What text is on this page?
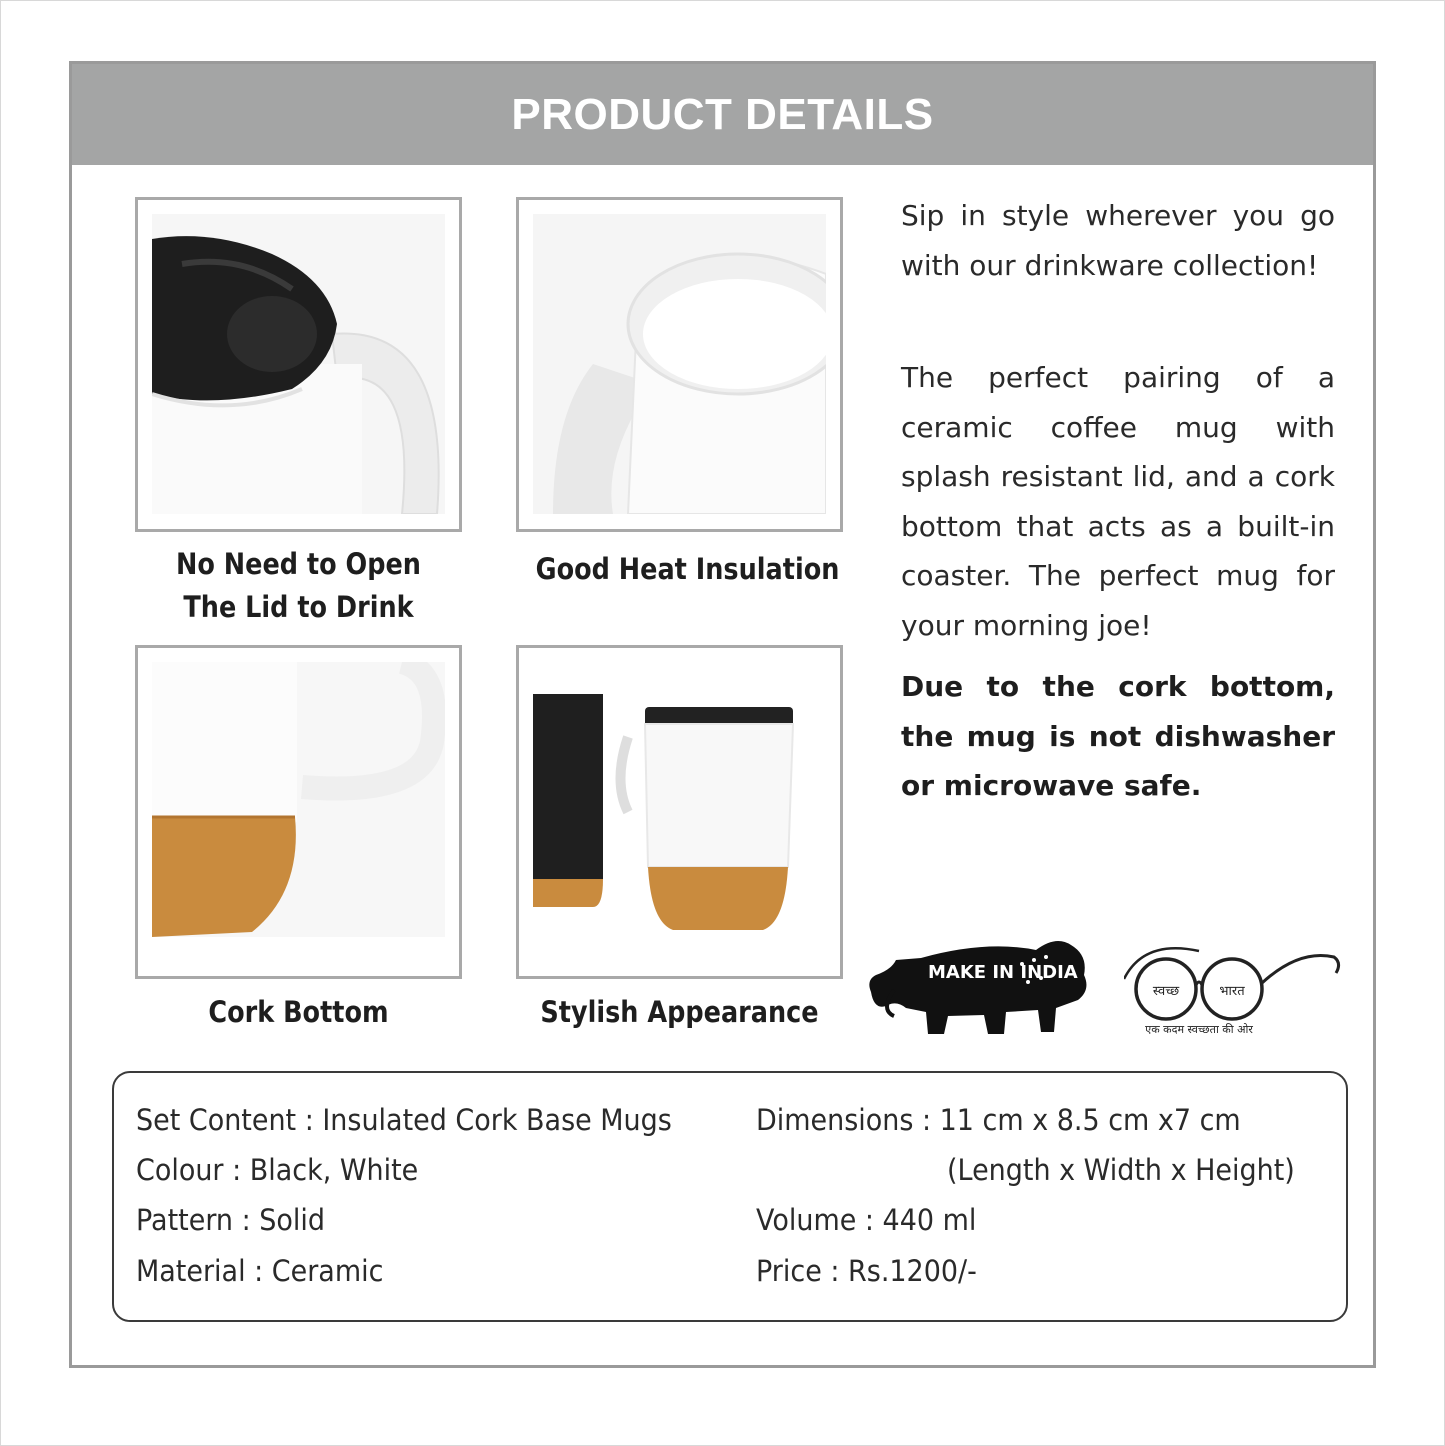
PRODUCT DETAILS
No Need to Open
The Lid to Drink
Good Heat Insulation
Cork Bottom	Stylish Appearance

Sip in style wherever you go with our drinkware collection!

The perfect pairing of a ceramic coffee mug with splash resistant lid, and a cork bottom that acts as a built-in coaster. The perfect mug for your morning joe!

Due to the cork bottom, the mug is not dishwasher or microwave safe.

MAKE IN INDIA
स्वच्छ	भारत
एक कदम स्वच्छता की ओर
Set Content : Insulated Cork Base Mugs
Colour : Black, White
Pattern : Solid
Material : Ceramic
Dimensions : 11 cm x 8.5 cm x7 cm
(Length x Width x Height)
Volume : 440 ml
Price : Rs.1200/-
